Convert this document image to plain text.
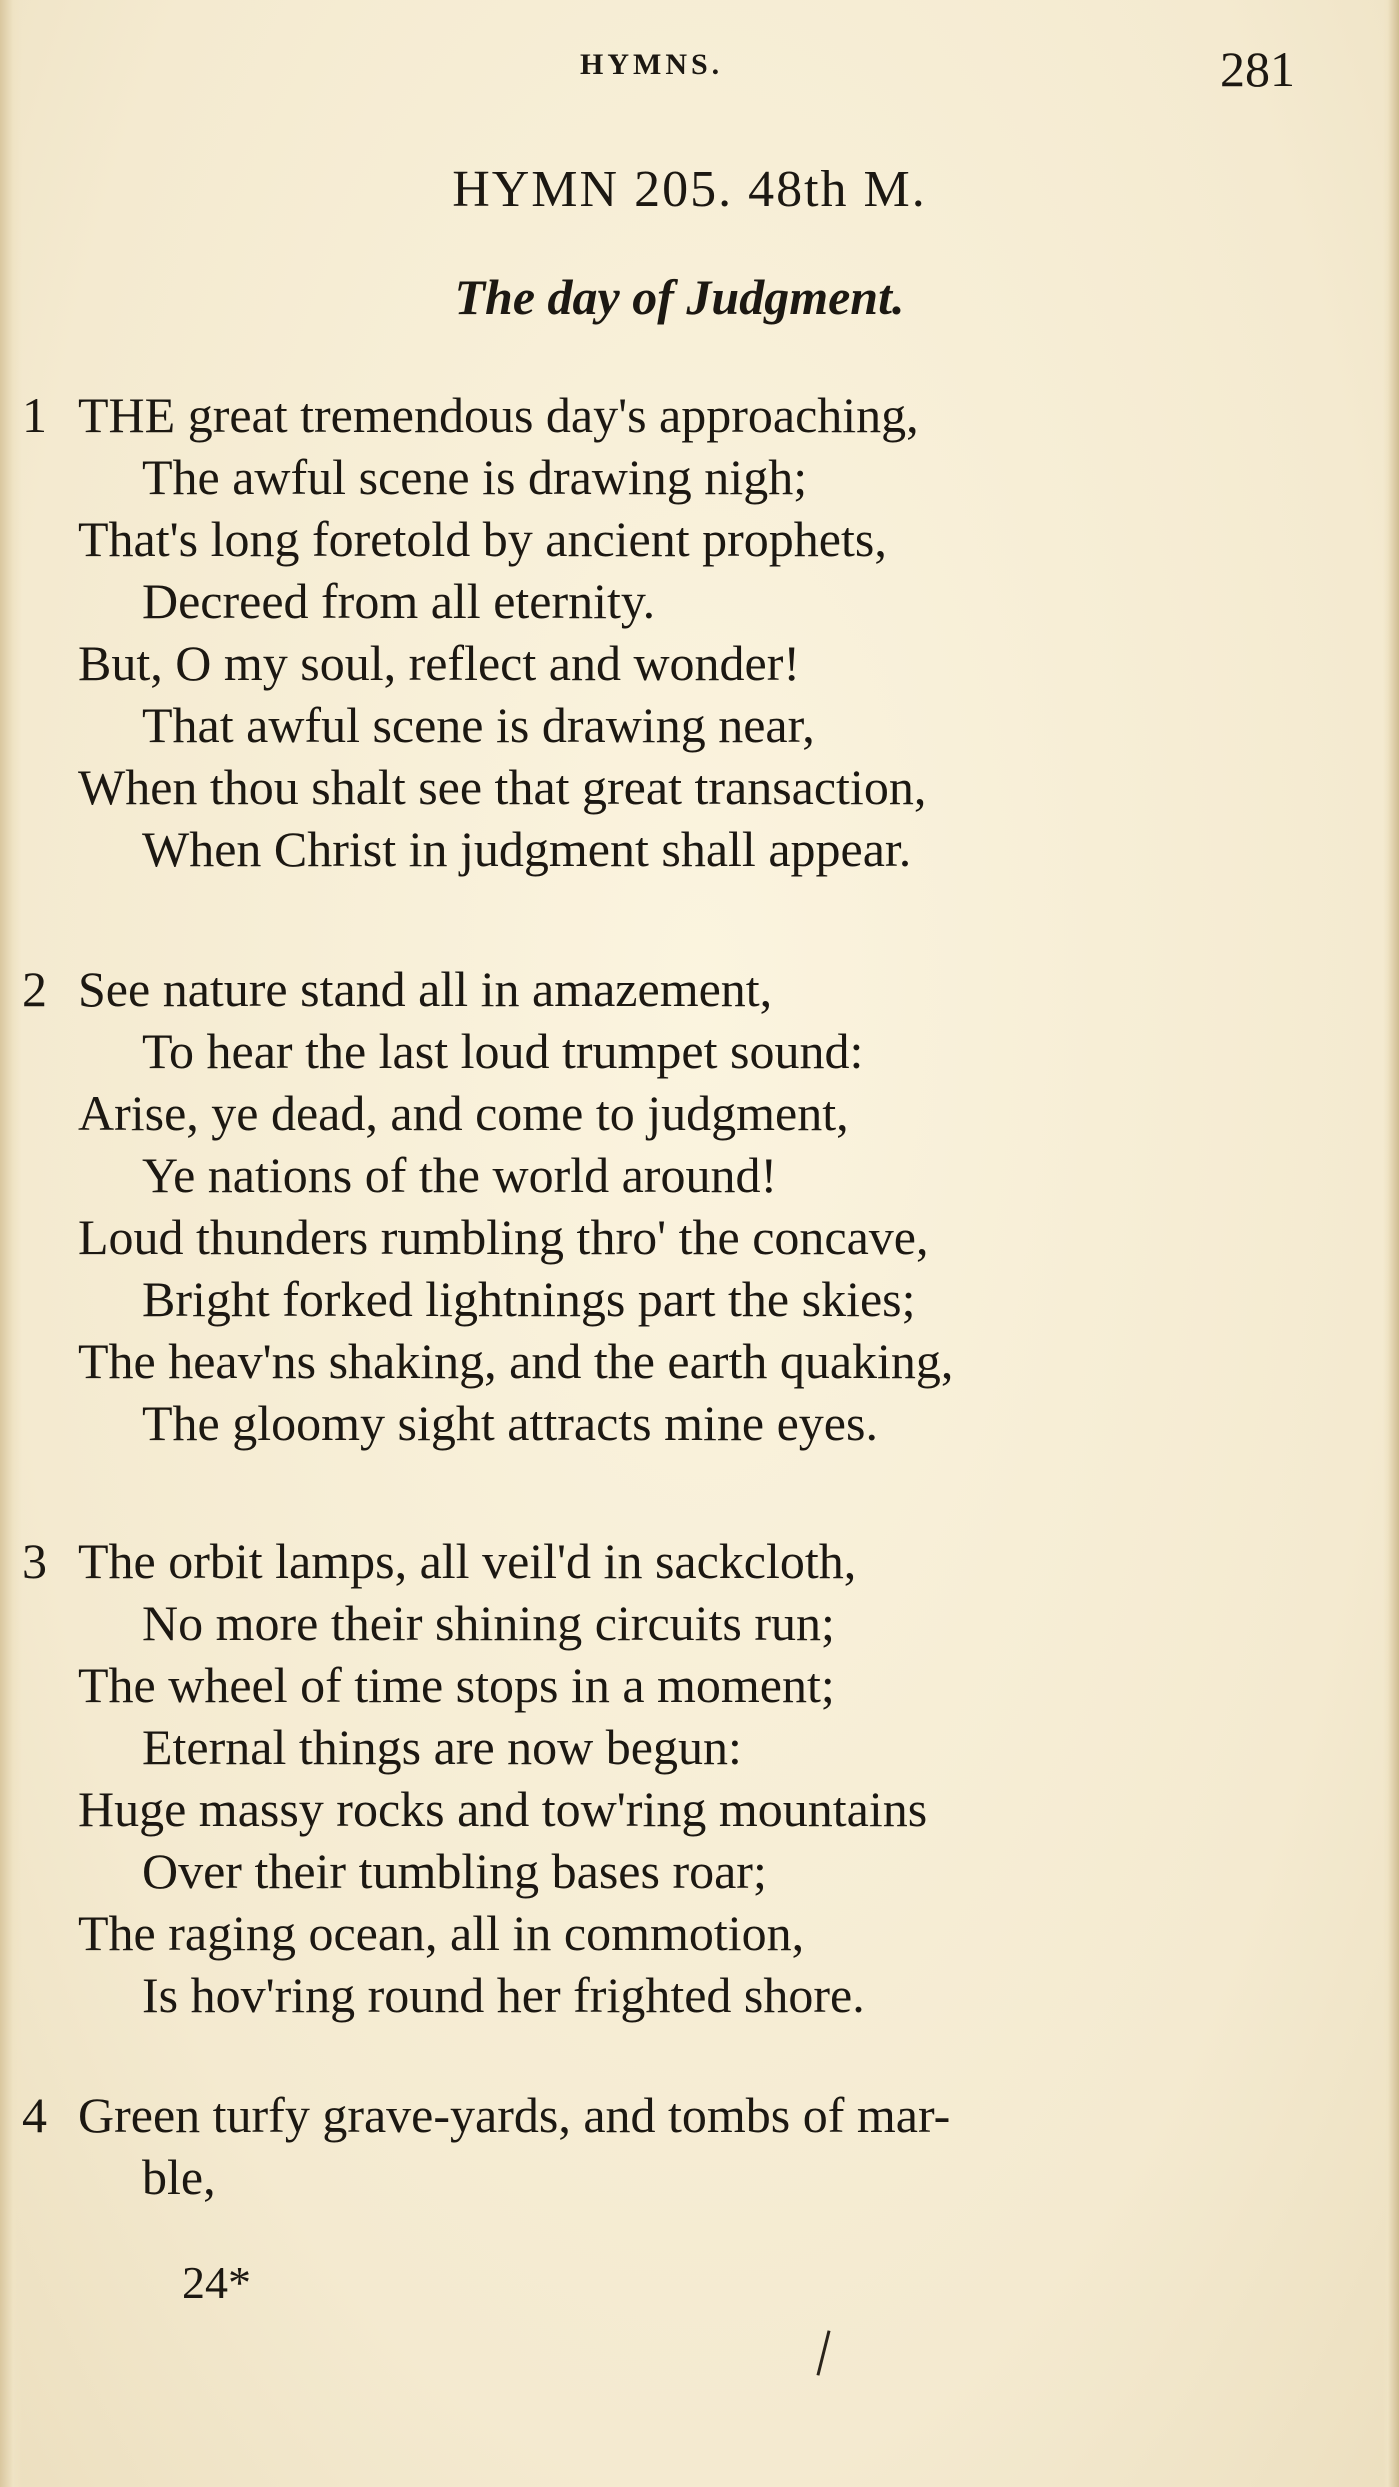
HYMNS.	281
HYMN 205. 48th M.
The day of Judgment.
1 THE great tremendous day's approaching,
The awful scene is drawing nigh;
That's long foretold by ancient prophets,
Decreed from all eternity.
But, O my soul, reflect and wonder!
That awful scene is drawing near,
When thou shalt see that great transaction,
When Christ in judgment shall appear.
2 See nature stand all in amazement,
To hear the last loud trumpet sound:
Arise, ye dead, and come to judgment,
Ye nations of the world around!
Loud thunders rumbling thro' the concave,
Bright forked lightnings part the skies;
The heav'ns shaking, and the earth quaking,
The gloomy sight attracts mine eyes.
3 The orbit lamps, all veil'd in sackcloth,
No more their shining circuits run;
The wheel of time stops in a moment;
Eternal things are now begun:
Huge massy rocks and tow'ring mountains
Over their tumbling bases roar;
The raging ocean, all in commotion,
Is hov'ring round her frighted shore.
4 Green turfy grave-yards, and tombs of mar-
ble,
24*
